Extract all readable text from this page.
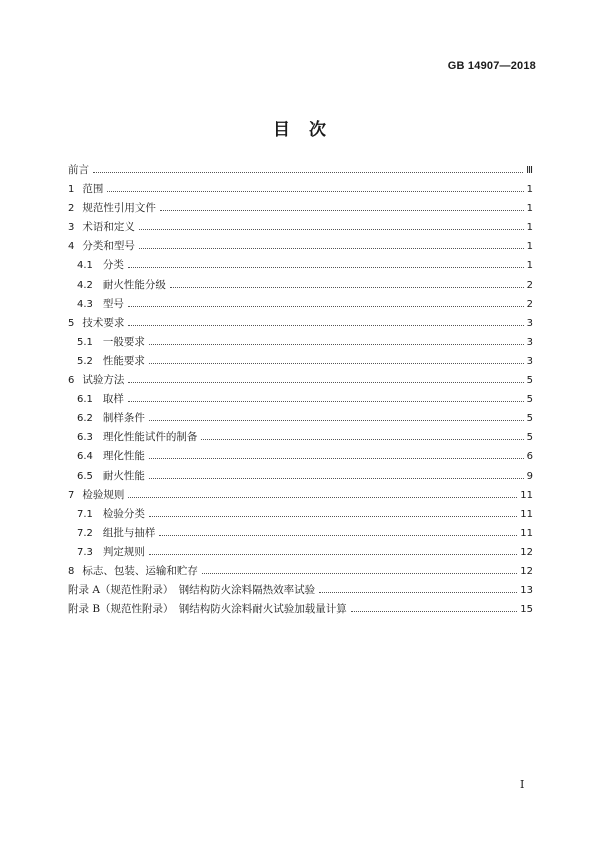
GB 14907—2018
目　次
前言	Ⅲ
1 范围	1
2 规范性引用文件	1
3 术语和定义	1
4 分类和型号	1
4.1 分类	1
4.2 耐火性能分级	2
4.3 型号	2
5 技术要求	3
5.1 一般要求	3
5.2 性能要求	3
6 试验方法	5
6.1 取样	5
6.2 制样条件	5
6.3 理化性能试件的制备	5
6.4 理化性能	6
6.5 耐火性能	9
7 检验规则	11
7.1 检验分类	11
7.2 组批与抽样	11
7.3 判定规则	12
8 标志、包装、运输和贮存	12
附录 A（规范性附录）　钢结构防火涂料隔热效率试验	13
附录 B（规范性附录）　钢结构防火涂料耐火试验加载量计算	15
I
